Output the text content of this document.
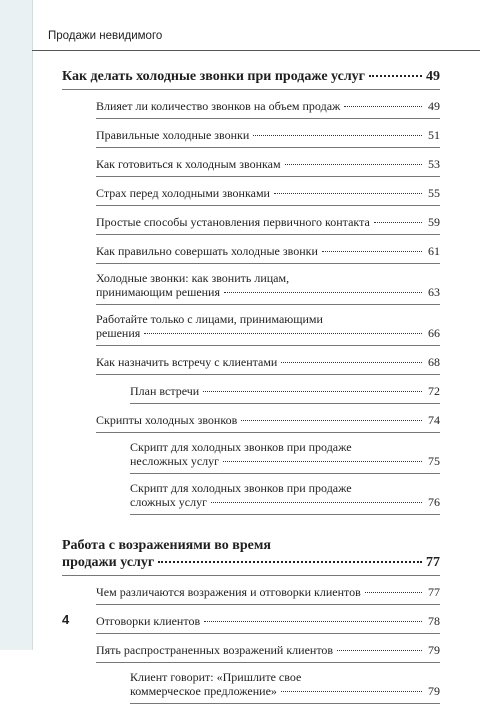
Продажи невидимого
Как делать холодные звонки при продаже услуг	49
Влияет ли количество звонков на объем продаж	49
Правильные холодные звонки	51
Как готовиться к холодным звонкам	53
Страх перед холодными звонками	55
Простые способы установления первичного контакта	59
Как правильно совершать холодные звонки	61
Холодные звонки: как звонить лицам,
принимающим решения	63
Работайте только с лицами, принимающими
решения	66
Как назначить встречу с клиентами	68
План встречи	72
Скрипты холодных звонков	74
Скрипт для холодных звонков при продаже
несложных услуг	75
Скрипт для холодных звонков при продаже
сложных услуг	76
Работа с возражениями во время
продажи услуг	77
Чем различаются возражения и отговорки клиентов	77
Отговорки клиентов	78
Пять распространенных возражений клиентов	79
Клиент говорит: «Пришлите свое
коммерческое предложение»	79
4
